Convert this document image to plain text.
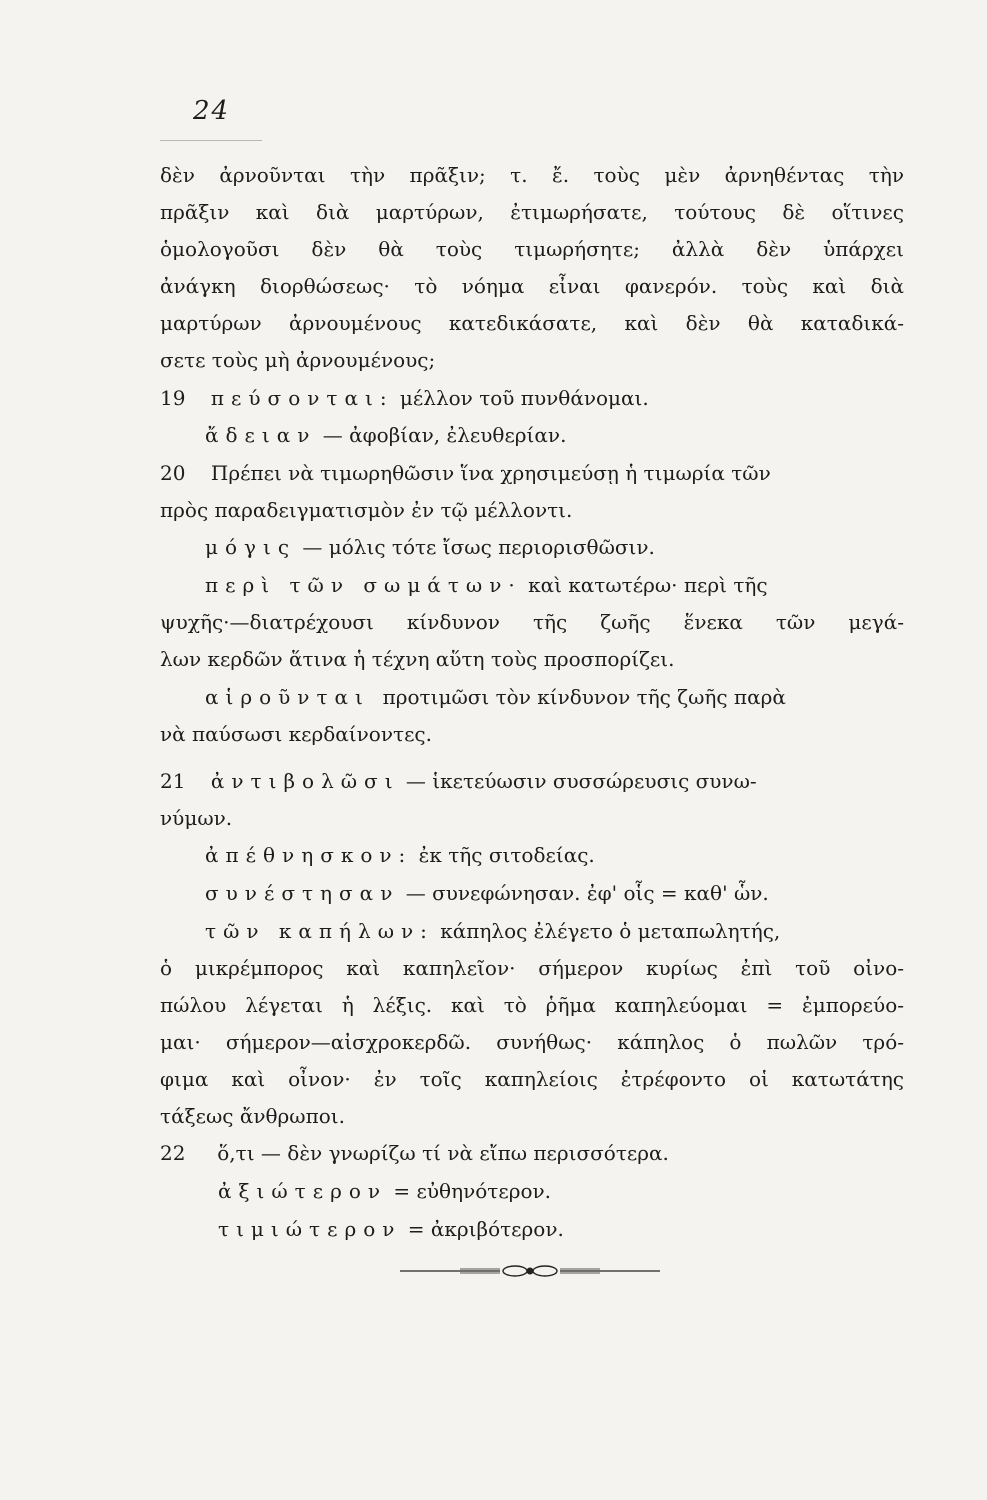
24
δὲν ἀρνοῦνται τὴν πρᾶξιν; τ. ἔ. τοὺς μὲν ἀρνηθέντας τὴν
πρᾶξιν καὶ διὰ μαρτύρων, ἐτιμωρήσατε, τούτους δὲ οἵτινες
ὁμολογοῦσι δὲν θὰ τοὺς τιμωρήσητε; ἀλλὰ δὲν ὑπάρχει
ἀνάγκη διορθώσεως· τὸ νόημα εἶναι φανερόν. τοὺς καὶ διὰ
μαρτύρων ἀρνουμένους κατεδικάσατε, καὶ δὲν θὰ καταδικά-
σετε τοὺς μὴ ἀρνουμένους;
19 πεύσονται: μέλλον τοῦ πυνθάνομαι.
ἄδειαν — ἀφοβίαν, ἐλευθερίαν.
20 Πρέπει νὰ τιμωρηθῶσιν ἵνα χρησιμεύσῃ ἡ τιμωρία τῶν
πρὸς παραδειγματισμὸν ἐν τῷ μέλλοντι.
μόγις — μόλις τότε ἴσως περιορισθῶσιν.
περὶ τῶν σωμάτων· καὶ κατωτέρω· περὶ τῆς
ψυχῆς·—διατρέχουσι κίνδυνον τῆς ζωῆς ἕνεκα τῶν μεγά-
λων κερδῶν ἅτινα ἡ τέχνη αὕτη τοὺς προσπορίζει.
αἱροῦνται προτιμῶσι τὸν κίνδυνον τῆς ζωῆς παρὰ
νὰ παύσωσι κερδαίνοντες.
21 ἀντιβολῶσι — ἱκετεύωσιν συσσώρευσις συνω-
νύμων.
ἀπέθνησκον: ἐκ τῆς σιτοδείας.
συνέστησαν — συνεφώνησαν. ἐφ' οἷς = καθ' ὧν.
τῶν καπήλων: κάπηλος ἐλέγετο ὁ μεταπωλητής,
ὁ μικρέμπορος καὶ καπηλεῖον· σήμερον κυρίως ἐπὶ τοῦ οἰνο-
πώλου λέγεται ἡ λέξις. καὶ τὸ ῥῆμα καπηλεύομαι = ἐμπορεύο-
μαι· σήμερον—αἰσχροκερδῶ. συνήθως· κάπηλος ὁ πωλῶν τρό-
φιμα καὶ οἶνον· ἐν τοῖς καπηλείοις ἐτρέφοντο οἱ κατωτάτης
τάξεως ἄνθρωποι.
22 ὅ,τι — δὲν γνωρίζω τί νὰ εἴπω περισσότερα.
ἀξιώτερον = εὐθηνότερον.
τιμιώτερον = ἀκριβότερον.
